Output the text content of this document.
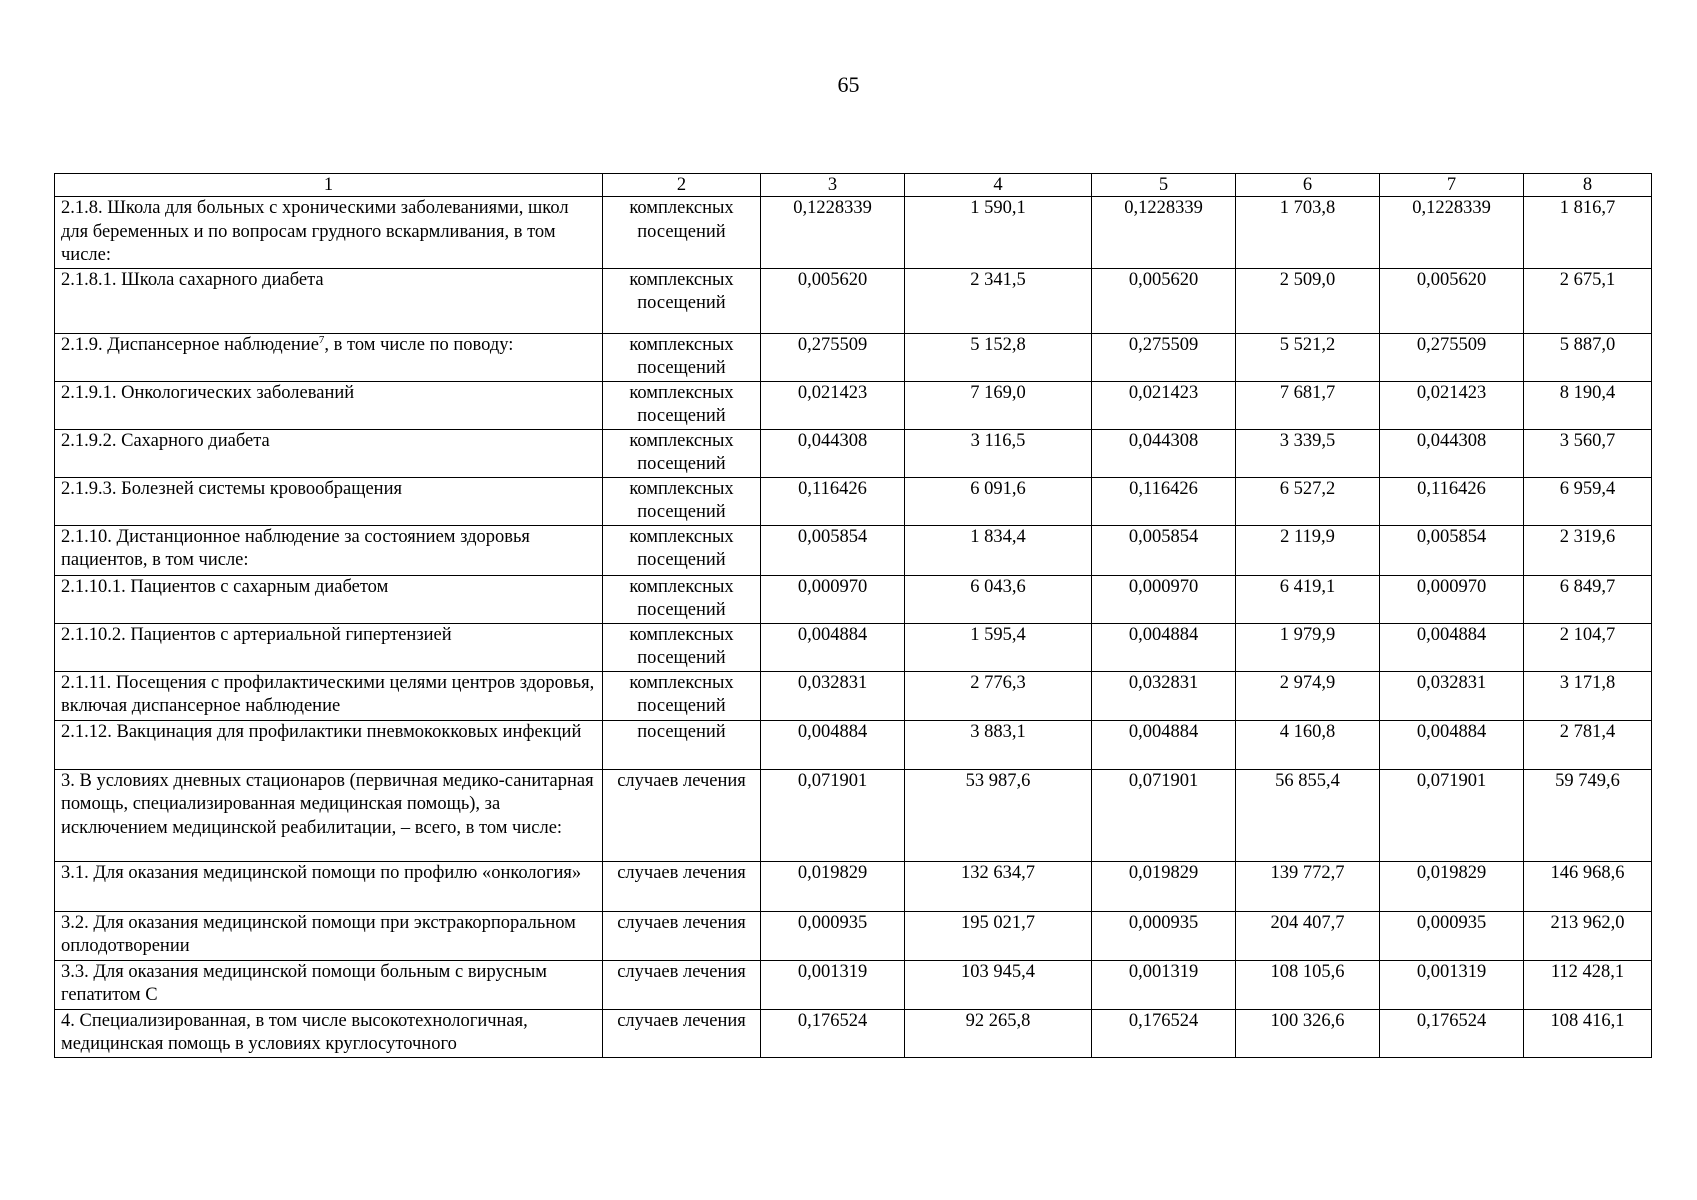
65
1	2	3	4	5	6	7	8
2.1.8. Школа для больных с хроническими заболеваниями, школ для беременных и по вопросам грудного вскармливания, в том числе:	комплексных посещений	0,1228339	1 590,1	0,1228339	1 703,8	0,1228339	1 816,7
2.1.8.1. Школа сахарного диабета	комплексных посещений	0,005620	2 341,5	0,005620	2 509,0	0,005620	2 675,1
2.1.9. Диспансерное наблюдение$^7$, в том числе по поводу:	комплексных посещений	0,275509	5 152,8	0,275509	5 521,2	0,275509	5 887,0
2.1.9.1. Онкологических заболеваний	комплексных посещений	0,021423	7 169,0	0,021423	7 681,7	0,021423	8 190,4
2.1.9.2. Сахарного диабета	комплексных посещений	0,044308	3 116,5	0,044308	3 339,5	0,044308	3 560,7
2.1.9.3. Болезней системы кровообращения	комплексных посещений	0,116426	6 091,6	0,116426	6 527,2	0,116426	6 959,4
2.1.10. Дистанционное наблюдение за состоянием здоровья пациентов, в том числе:	комплексных посещений	0,005854	1 834,4	0,005854	2 119,9	0,005854	2 319,6
2.1.10.1. Пациентов с сахарным диабетом	комплексных посещений	0,000970	6 043,6	0,000970	6 419,1	0,000970	6 849,7
2.1.10.2. Пациентов с артериальной гипертензией	комплексных посещений	0,004884	1 595,4	0,004884	1 979,9	0,004884	2 104,7
2.1.11. Посещения с профилактическими целями центров здоровья, включая диспансерное наблюдение	комплексных посещений	0,032831	2 776,3	0,032831	2 974,9	0,032831	3 171,8
2.1.12. Вакцинация для профилактики пневмококковых инфекций	посещений	0,004884	3 883,1	0,004884	4 160,8	0,004884	2 781,4
3. В условиях дневных стационаров (первичная медико-санитарная помощь, специализированная медицинская помощь), за исключением медицинской реабилитации, – всего, в том числе:	случаев лечения	0,071901	53 987,6	0,071901	56 855,4	0,071901	59 749,6
3.1. Для оказания медицинской помощи по профилю «онкология»	случаев лечения	0,019829	132 634,7	0,019829	139 772,7	0,019829	146 968,6
3.2. Для оказания медицинской помощи при экстракорпоральном оплодотворении	случаев лечения	0,000935	195 021,7	0,000935	204 407,7	0,000935	213 962,0
3.3. Для оказания медицинской помощи больным с вирусным гепатитом С	случаев лечения	0,001319	103 945,4	0,001319	108 105,6	0,001319	112 428,1
4. Специализированная, в том числе высокотехнологичная, медицинская помощь в условиях круглосуточного	случаев лечения	0,176524	92 265,8	0,176524	100 326,6	0,176524	108 416,1
